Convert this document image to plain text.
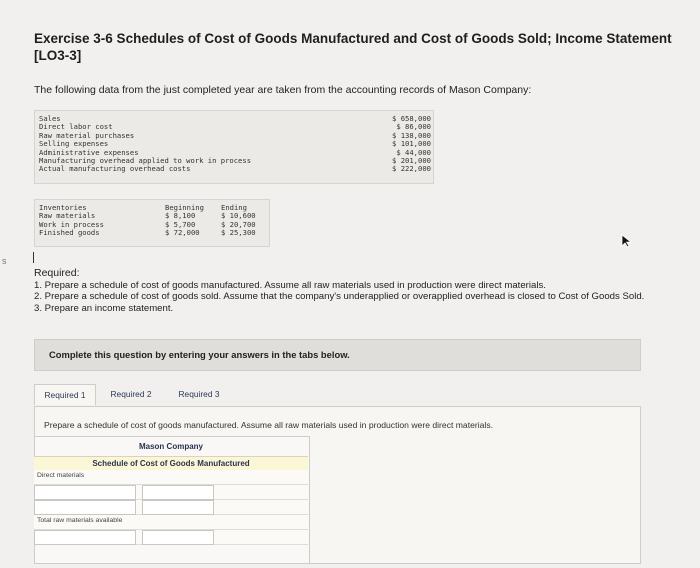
Exercise 3-6 Schedules of Cost of Goods Manufactured and Cost of Goods Sold; Income Statement [LO3-3]
The following data from the just completed year are taken from the accounting records of Mason Company:
Sales
Direct labor cost
Raw material purchases
Selling expenses
Administrative expenses
Manufacturing overhead applied to work in process
Actual manufacturing overhead costs
$ 658,000
$ 86,000
$ 138,000
$ 101,000
$ 44,000
$ 201,000
$ 222,000
Inventories
Raw materials
Work in process
Finished goods
Beginning
$ 8,100
$ 5,700
$ 72,000
Ending
$ 10,600
$ 20,700
$ 25,300
s
Required:
1. Prepare a schedule of cost of goods manufactured. Assume all raw materials used in production were direct materials.
2. Prepare a schedule of cost of goods sold. Assume that the company's underapplied or overapplied overhead is closed to Cost of Goods Sold.
3. Prepare an income statement.
Complete this question by entering your answers in the tabs below.
Required 1	Required 2	Required 3
Prepare a schedule of cost of goods manufactured. Assume all raw materials used in production were direct materials.
Mason Company
Schedule of Cost of Goods Manufactured
Direct materials
Total raw materials available
